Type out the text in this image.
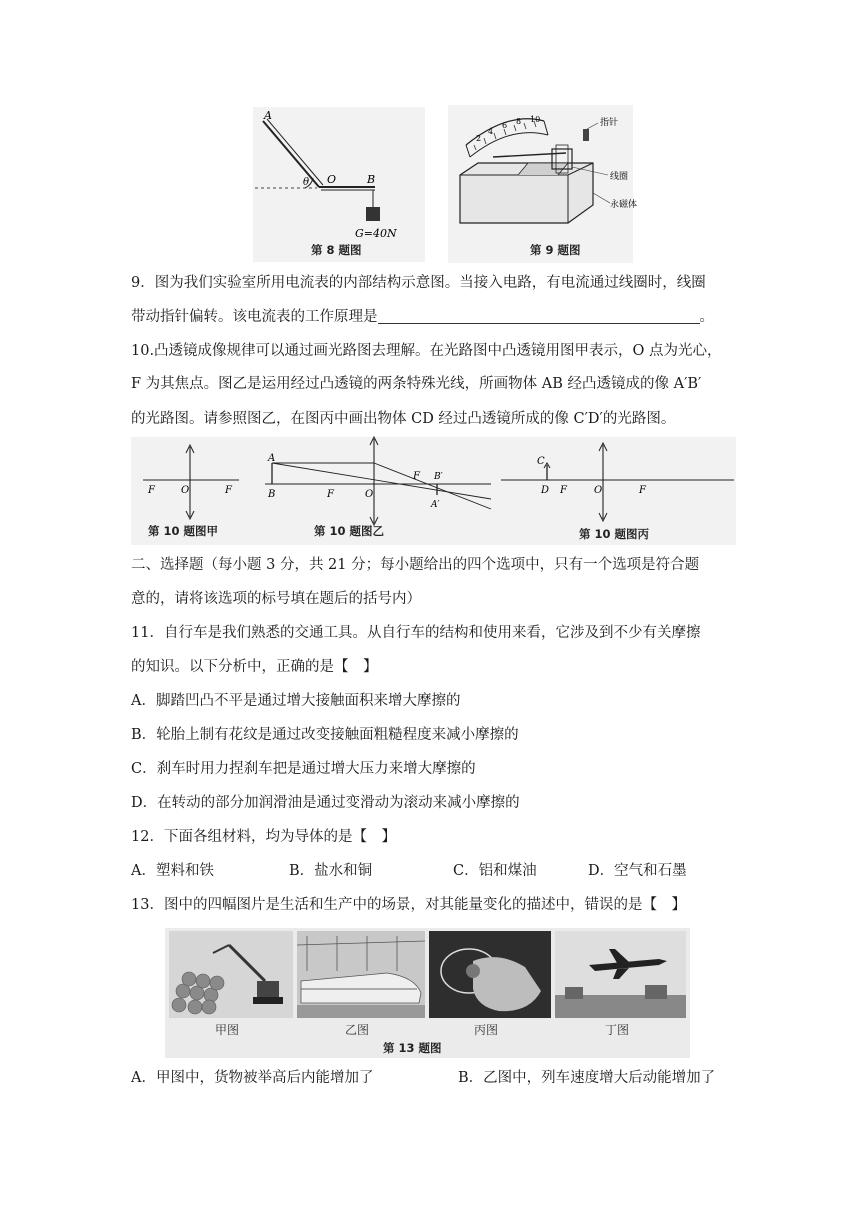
A
θ O	B
G=40N
第 8 题图
2
4
6 8 10	指针
线圈
永磁体
第 9 题图
9．图为我们实验室所用电流表的内部结构示意图。当接入电路，有电流通过线圈时，线圈
带动指针偏转。该电流表的工作原理是	。
10.凸透镜成像规律可以通过画光路图去理解。在光路图中凸透镜用图甲表示，O 点为光心，
F 为其焦点。图乙是运用经过凸透镜的两条特殊光线，所画物体 AB 经凸透镜成的像 A′B′
的光路图。请参照图乙，在图丙中画出物体 CD 经过凸透镜所成的像 C′D′的光路图。
F	O	F
A
B	F	O
F B′
A′
C
D F	O	F
第 10 题图甲	第 10 题图乙	第 10 题图丙
二、选择题（每小题 3 分，共 21 分；每小题给出的四个选项中，只有一个选项是符合题
意的，请将该选项的标号填在题后的括号内）
11．自行车是我们熟悉的交通工具。从自行车的结构和使用来看，它涉及到不少有关摩擦
的知识。以下分析中，正确的是【　】
A．脚踏凹凸不平是通过增大接触面积来增大摩擦的
B．轮胎上制有花纹是通过改变接触面粗糙程度来减小摩擦的
C．刹车时用力捏刹车把是通过增大压力来增大摩擦的
D．在转动的部分加润滑油是通过变滑动为滚动来减小摩擦的
12．下面各组材料，均为导体的是【　】
A．塑料和铁	B．盐水和铜	C．铝和煤油	D．空气和石墨
13．图中的四幅图片是生活和生产中的场景，对其能量变化的描述中，错误的是【　】
甲图	乙图	丙图	丁图
第 13 题图
A．甲图中，货物被举高后内能增加了	B．乙图中，列车速度增大后动能增加了
